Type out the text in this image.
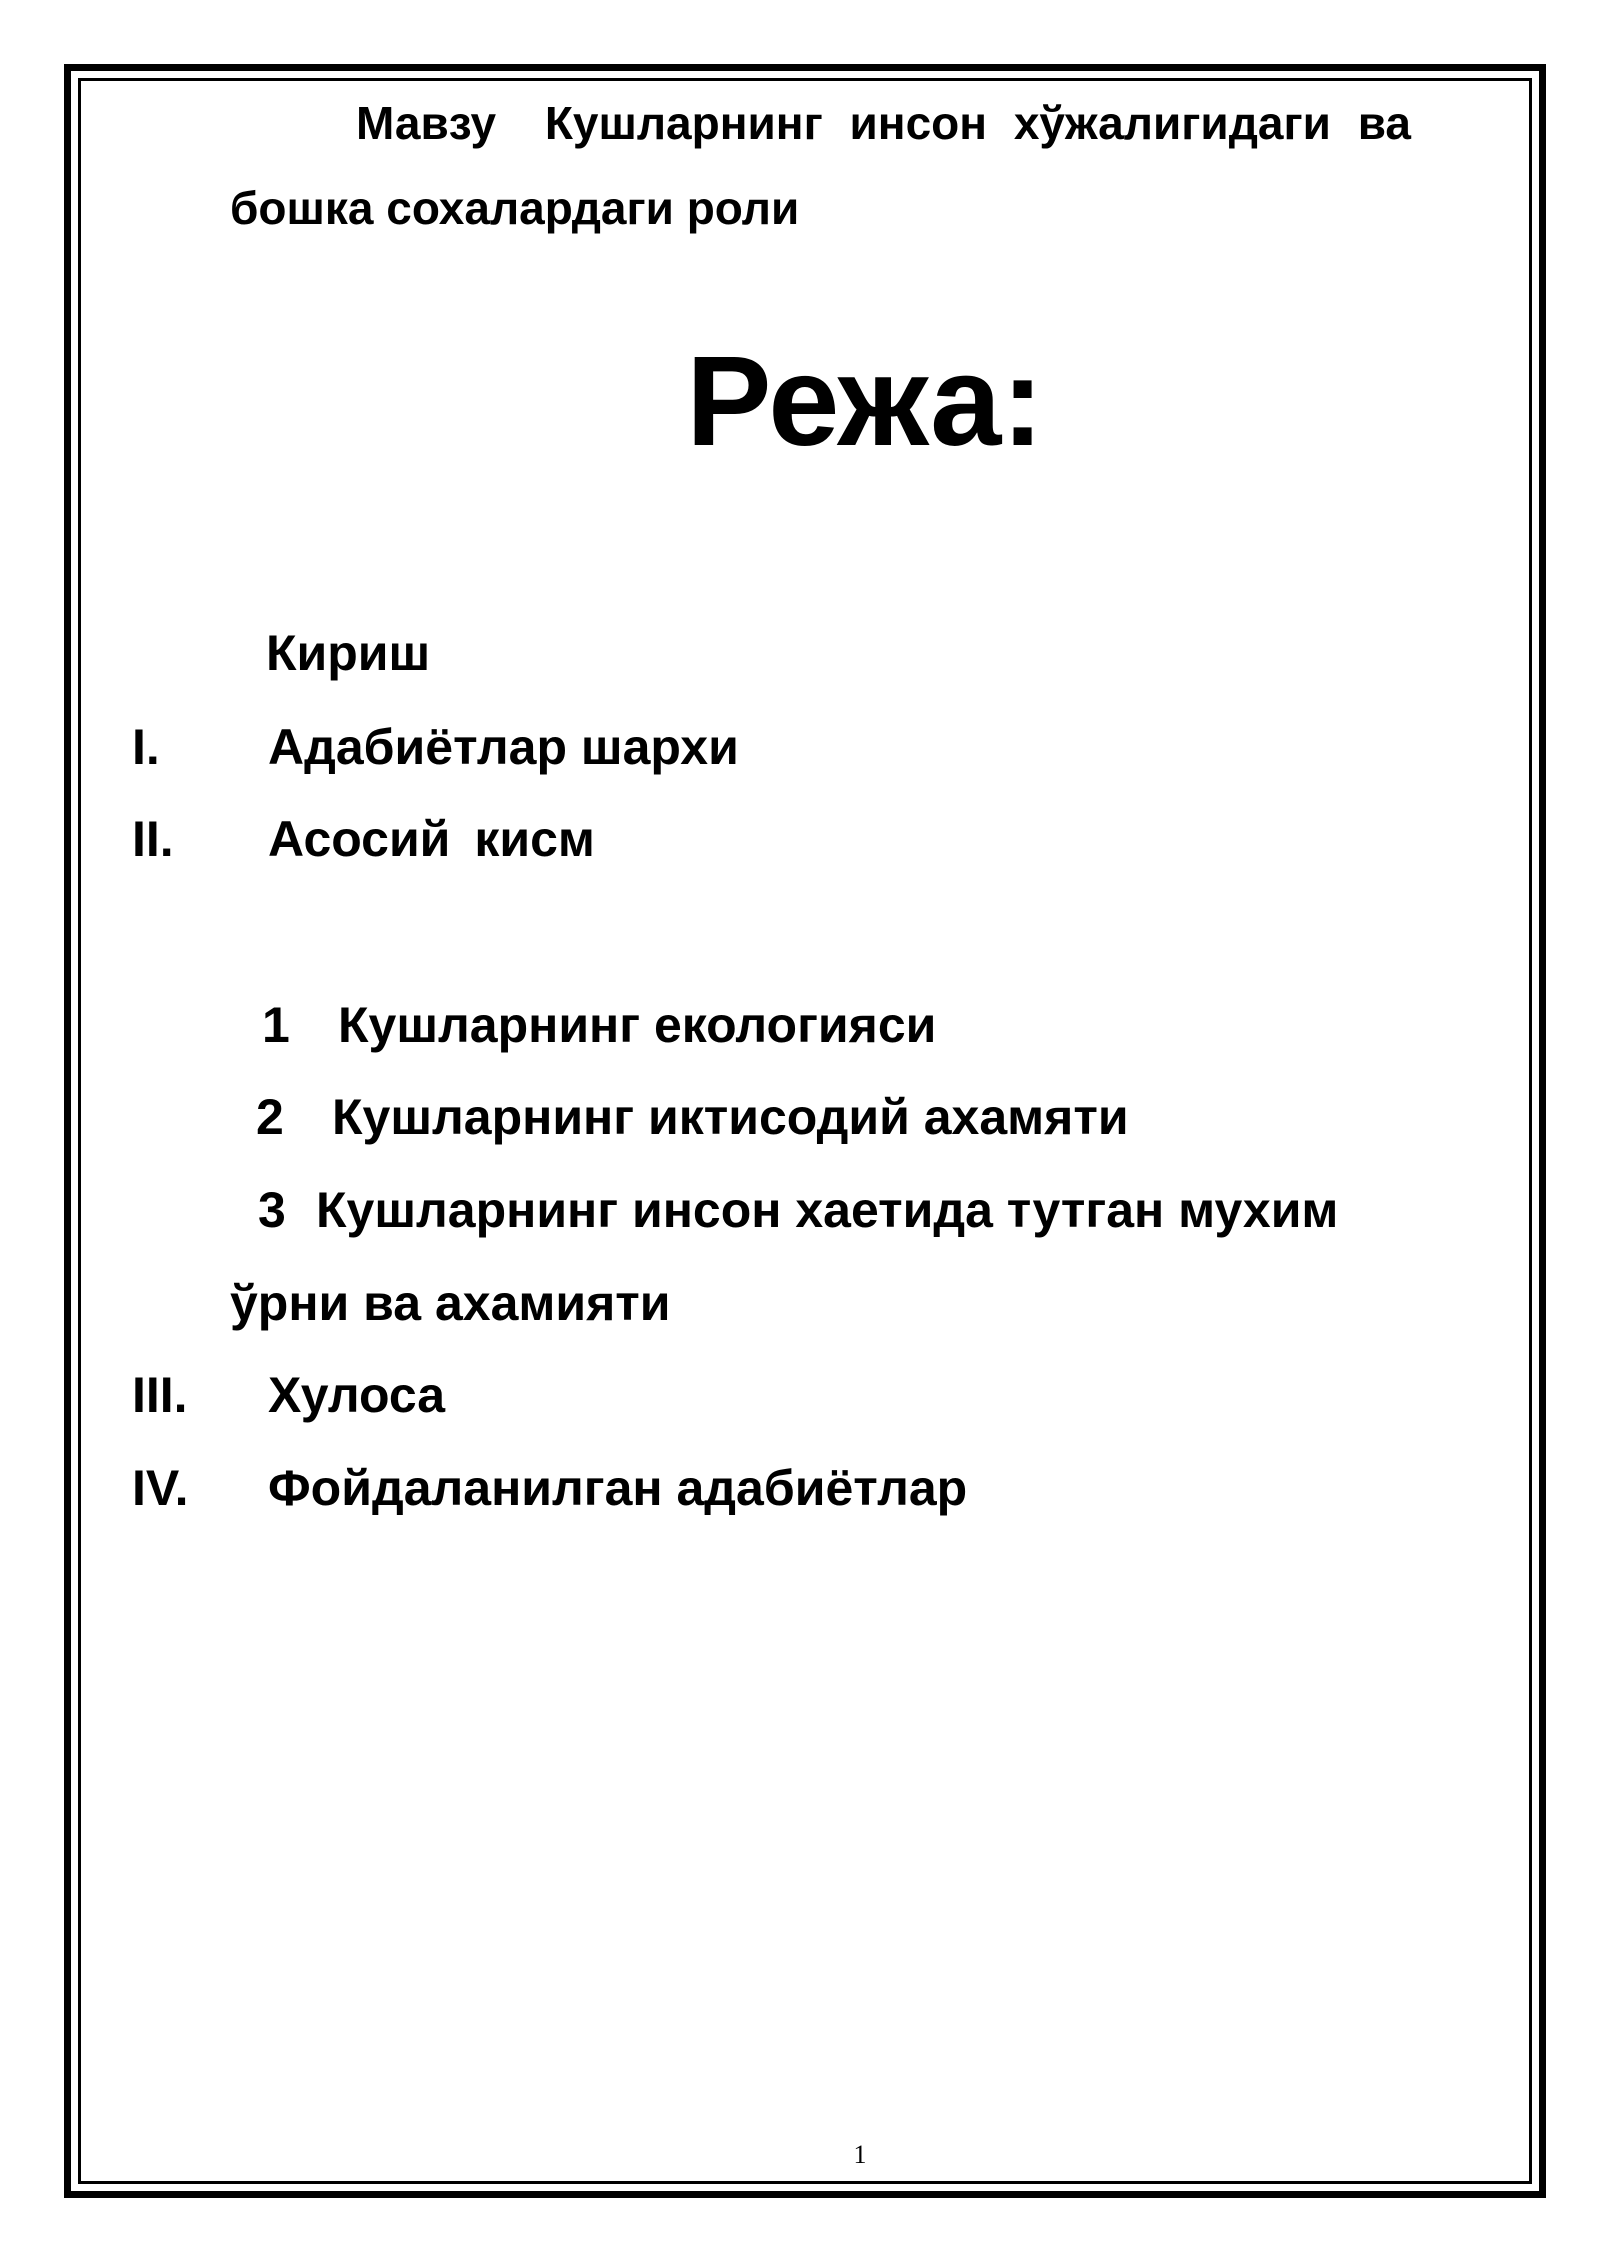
Мавзу Кушларнинг инсон хўжалигидаги ва
бошка сохалардаги роли
Режа:
Кириш
I. Адабиётлар шархи
II. Асосий кисм
1 Кушларнинг екологияси
2 Кушларнинг иктисодий ахамяти
3 Кушларнинг инсон хаетида тутган мухим
ўрни ва ахамияти
III. Хулоса
IV. Фойдаланилган адабиётлар
1
